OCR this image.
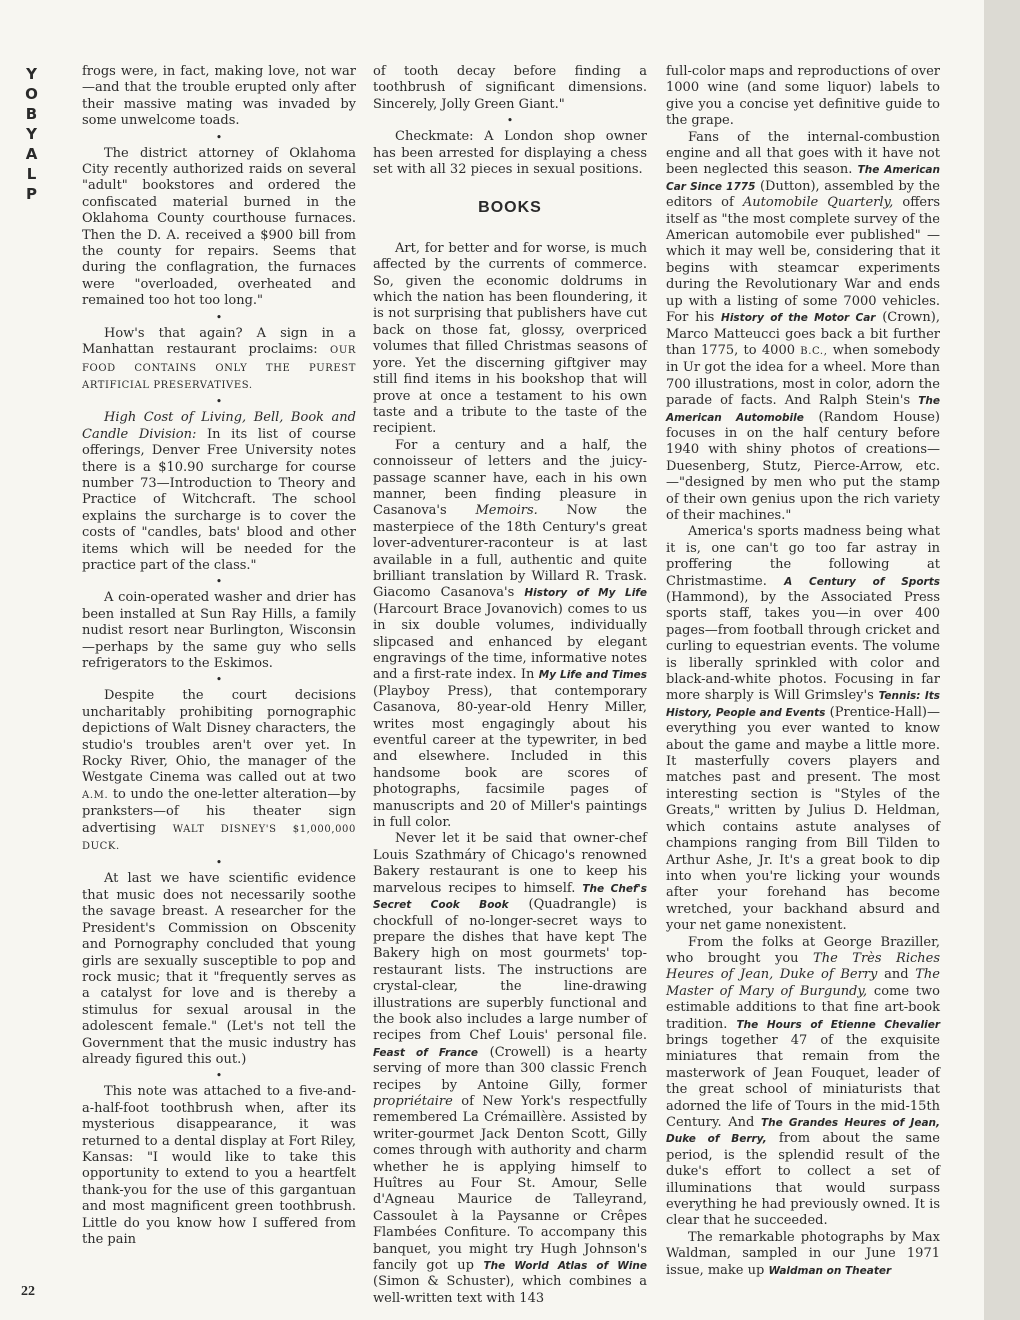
Y
O
B
Y
A
L
P

frogs were, in fact, making love, not war —and that the trouble erupted only after their massive mating was invaded by some unwelcome toads.

•

The district attorney of Oklahoma City recently authorized raids on several "adult" bookstores and ordered the confiscated material burned in the Oklahoma County courthouse furnaces. Then the D. A. received a $900 bill from the county for repairs. Seems that during the conflagration, the furnaces were "overloaded, overheated and remained too hot too long."

•

How's that again? A sign in a Manhattan restaurant proclaims: OUR FOOD CONTAINS ONLY THE PUREST ARTIFICIAL PRESERVATIVES.

•

High Cost of Living, Bell, Book and Candle Division: In its list of course offerings, Denver Free University notes there is a $10.90 surcharge for course number 73—Introduction to Theory and Practice of Witchcraft. The school explains the surcharge is to cover the costs of "candles, bats' blood and other items which will be needed for the practice part of the class."

•

A coin-operated washer and drier has been installed at Sun Ray Hills, a family nudist resort near Burlington, Wisconsin—perhaps by the same guy who sells refrigerators to the Eskimos.

•

Despite the court decisions uncharitably prohibiting pornographic depictions of Walt Disney characters, the studio's troubles aren't over yet. In Rocky River, Ohio, the manager of the Westgate Cinema was called out at two A.M. to undo the one-letter alteration—by pranksters—of his theater sign advertising WALT DISNEY'S $1,000,000 DUCK.

•

At last we have scientific evidence that music does not necessarily soothe the savage breast. A researcher for the President's Commission on Obscenity and Pornography concluded that young girls are sexually susceptible to pop and rock music; that it "frequently serves as a catalyst for love and is thereby a stimulus for sexual arousal in the adolescent female." (Let's not tell the Government that the music industry has already figured this out.)

•

This note was attached to a five-and-a-half-foot toothbrush when, after its mysterious disappearance, it was returned to a dental display at Fort Riley, Kansas: "I would like to take this opportunity to extend to you a heartfelt thank-you for the use of this gargantuan and most magnificent green toothbrush. Little do you know how I suffered from the pain

of tooth decay before finding a toothbrush of significant dimensions. Sincerely, Jolly Green Giant."

•

Checkmate: A London shop owner has been arrested for displaying a chess set with all 32 pieces in sexual positions.

BOOKS

Art, for better and for worse, is much affected by the currents of commerce. So, given the economic doldrums in which the nation has been floundering, it is not surprising that publishers have cut back on those fat, glossy, overpriced volumes that filled Christmas seasons of yore. Yet the discerning giftgiver may still find items in his bookshop that will prove at once a testament to his own taste and a tribute to the taste of the recipient.

For a century and a half, the connoisseur of letters and the juicy-passage scanner have, each in his own manner, been finding pleasure in Casanova's Memoirs. Now the masterpiece of the 18th Century's great lover-adventurer-raconteur is at last available in a full, authentic and quite brilliant translation by Willard R. Trask. Giacomo Casanova's History of My Life (Harcourt Brace Jovanovich) comes to us in six double volumes, individually slipcased and enhanced by elegant engravings of the time, informative notes and a first-rate index. In My Life and Times (Playboy Press), that contemporary Casanova, 80-year-old Henry Miller, writes most engagingly about his eventful career at the typewriter, in bed and elsewhere. Included in this handsome book are scores of photographs, facsimile pages of manuscripts and 20 of Miller's paintings in full color.

Never let it be said that owner-chef Louis Szathmáry of Chicago's renowned Bakery restaurant is one to keep his marvelous recipes to himself. The Chef's Secret Cook Book (Quadrangle) is chockfull of no-longer-secret ways to prepare the dishes that have kept The Bakery high on most gourmets' top-restaurant lists. The instructions are crystal-clear, the line-drawing illustrations are superbly functional and the book also includes a large number of recipes from Chef Louis' personal file. Feast of France (Crowell) is a hearty serving of more than 300 classic French recipes by Antoine Gilly, former propriétaire of New York's respectfully remembered La Crémaillère. Assisted by writer-gourmet Jack Denton Scott, Gilly comes through with authority and charm whether he is applying himself to Huîtres au Four St. Amour, Selle d'Agneau Maurice de Talleyrand, Cassoulet à la Paysanne or Crêpes Flambées Confiture. To accompany this banquet, you might try Hugh Johnson's fancily got up The World Atlas of Wine (Simon & Schuster), which combines a well-written text with 143

full-color maps and reproductions of over 1000 wine (and some liquor) labels to give you a concise yet definitive guide to the grape.

Fans of the internal-combustion engine and all that goes with it have not been neglected this season. The American Car Since 1775 (Dutton), assembled by the editors of Automobile Quarterly, offers itself as "the most complete survey of the American automobile ever published" —which it may well be, considering that it begins with steamcar experiments during the Revolutionary War and ends up with a listing of some 7000 vehicles. For his History of the Motor Car (Crown), Marco Matteucci goes back a bit further than 1775, to 4000 B.C., when somebody in Ur got the idea for a wheel. More than 700 illustrations, most in color, adorn the parade of facts. And Ralph Stein's The American Automobile (Random House) focuses in on the half century before 1940 with shiny photos of creations—Duesenberg, Stutz, Pierce-Arrow, etc.—"designed by men who put the stamp of their own genius upon the rich variety of their machines."

America's sports madness being what it is, one can't go too far astray in proffering the following at Christmastime. A Century of Sports (Hammond), by the Associated Press sports staff, takes you—in over 400 pages—from football through cricket and curling to equestrian events. The volume is liberally sprinkled with color and black-and-white photos. Focusing in far more sharply is Will Grimsley's Tennis: Its History, People and Events (Prentice-Hall)—everything you ever wanted to know about the game and maybe a little more. It masterfully covers players and matches past and present. The most interesting section is "Styles of the Greats," written by Julius D. Heldman, which contains astute analyses of champions ranging from Bill Tilden to Arthur Ashe, Jr. It's a great book to dip into when you're licking your wounds after your forehand has become wretched, your backhand absurd and your net game nonexistent.

From the folks at George Braziller, who brought you The Très Riches Heures of Jean, Duke of Berry and The Master of Mary of Burgundy, come two estimable additions to that fine art-book tradition. The Hours of Etienne Chevalier brings together 47 of the exquisite miniatures that remain from the masterwork of Jean Fouquet, leader of the great school of miniaturists that adorned the life of Tours in the mid-15th Century. And The Grandes Heures of Jean, Duke of Berry, from about the same period, is the splendid result of the duke's effort to collect a set of illuminations that would surpass everything he had previously owned. It is clear that he succeeded.

The remarkable photographs by Max Waldman, sampled in our June 1971 issue, make up Waldman on Theater

22
